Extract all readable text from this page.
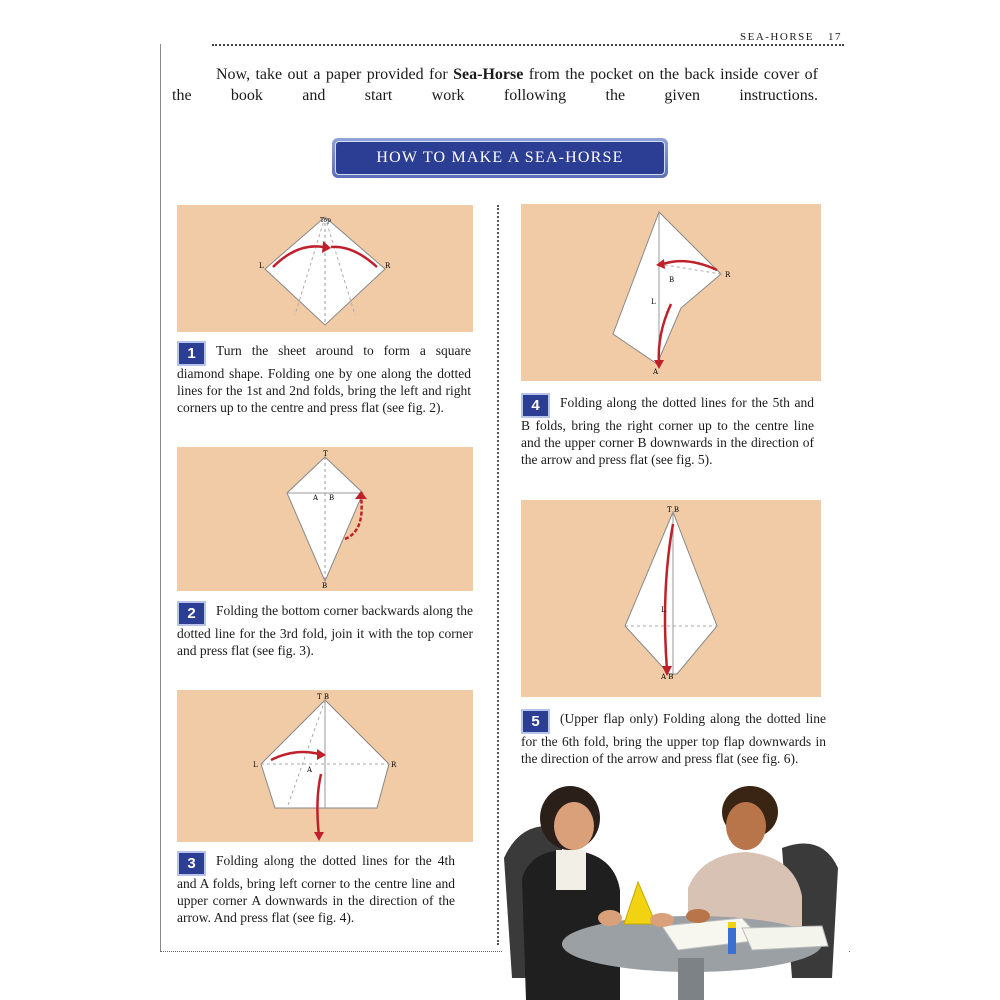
SEA-HORSE 17

Now, take out a paper provided for Sea-Horse from the pocket on the back inside cover of the book and start work following the given instructions.

HOW TO MAKE A SEA-HORSE
Top
L	R
1 Turn the sheet around to form a square diamond shape. Folding one by one along the dotted lines for the 1st and 2nd folds, bring the left and right corners up to the centre and press flat (see fig. 2).
T
A B
B
2 Folding the bottom corner backwards along the dotted line for the 3rd fold, join it with the top corner and press flat (see fig. 3).
T B
L	R
A
3 Folding along the dotted lines for the 4th and A folds, bring left corner to the centre line and upper corner A downwards in the direction of the arrow. And press flat (see fig. 4).
R
B
L
A
4 Folding along the dotted lines for the 5th and B folds, bring the right corner up to the centre line and the upper corner B downwards in the direction of the arrow and press flat (see fig. 5).
T B
L
A B
5 (Upper flap only) Folding along the dotted line for the 6th fold, bring the upper top flap downwards in the direction of the arrow and press flat (see fig. 6).
